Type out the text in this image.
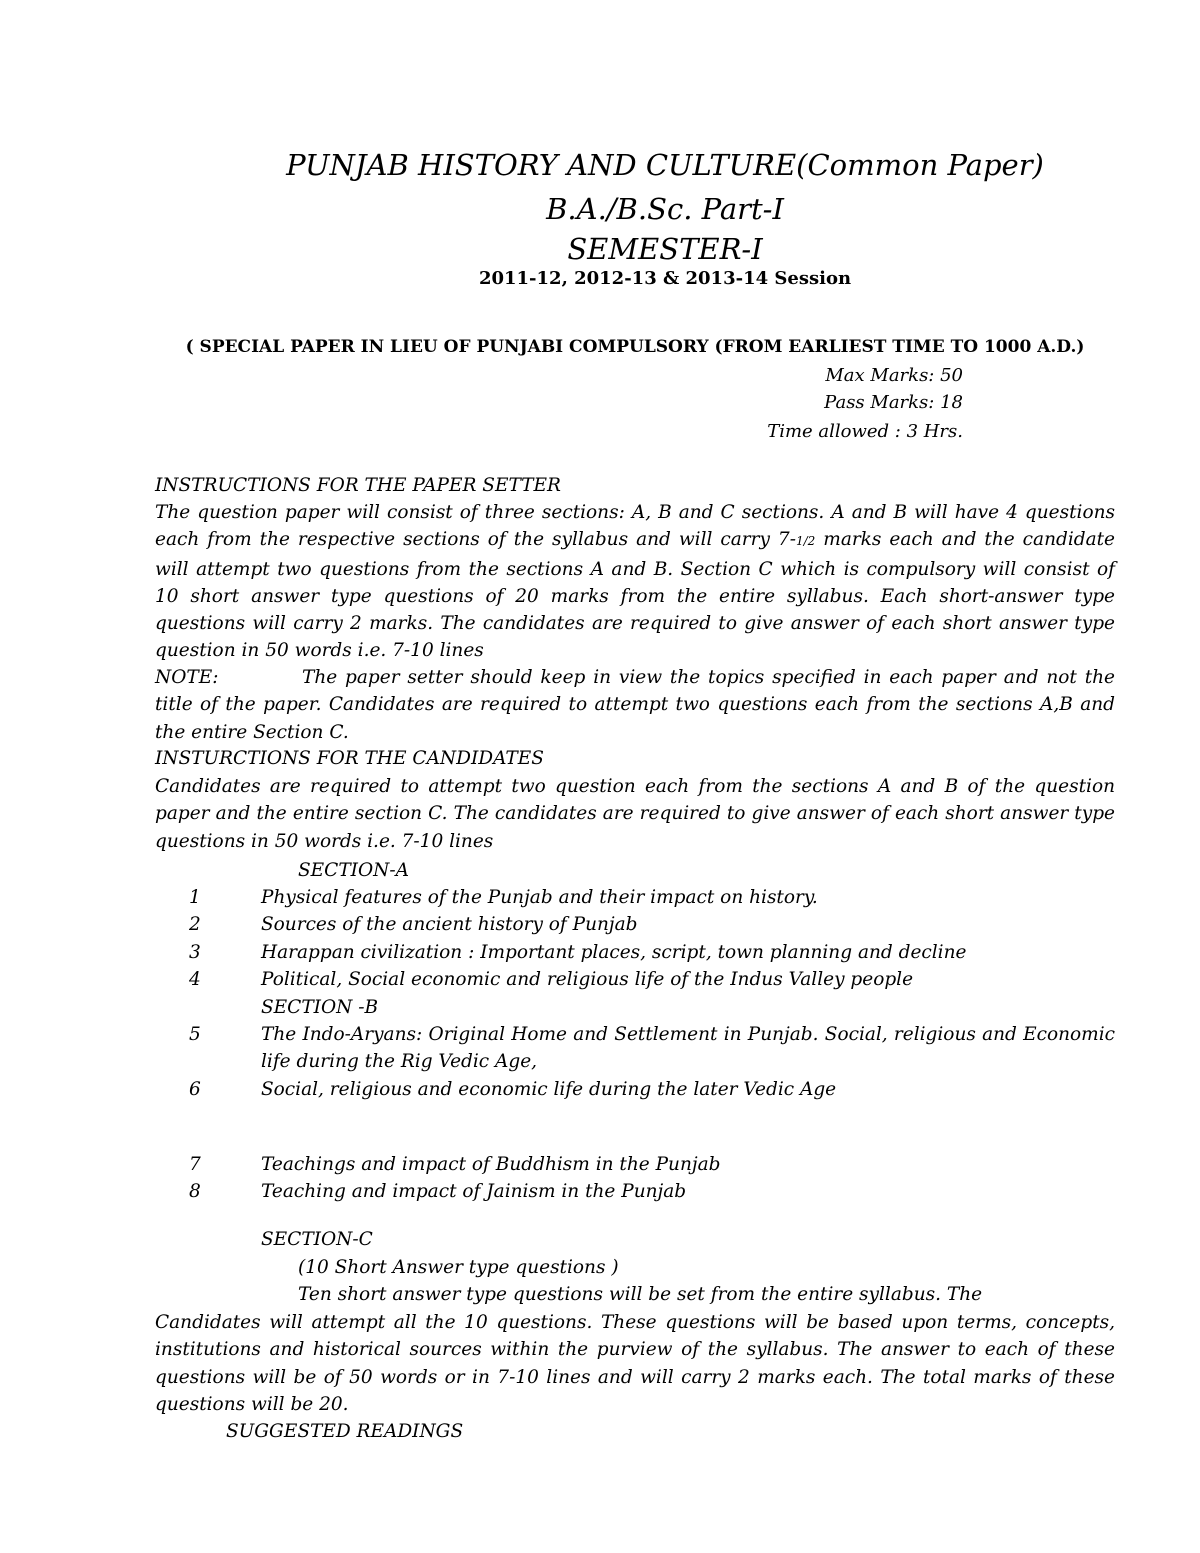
PUNJAB HISTORY AND CULTURE(Common Paper)
B.A./B.Sc. Part-I
SEMESTER-I
2011-12, 2012-13 & 2013-14 Session
( SPECIAL PAPER IN LIEU OF PUNJABI COMPULSORY (FROM EARLIEST TIME TO 1000 A.D.)
Max Marks: 50
Pass Marks: 18
Time allowed : 3 Hrs.
INSTRUCTIONS FOR THE PAPER SETTER
The question paper will consist of three sections: A, B and C sections. A and B will have 4 questions each from the respective sections of the syllabus and will carry 7-1/2 marks each and the candidate will attempt two questions from the sections A and B. Section C which is compulsory will consist of 10 short answer type questions of 20 marks from the entire syllabus. Each short-answer type questions will carry 2 marks. The candidates are required to give answer of each short answer type question in 50 words i.e. 7-10 lines
NOTE:	The paper setter should keep in view the topics specified in each paper and not the title of the paper. Candidates are required to attempt two questions each from the sections A,B and the entire Section C.
INSTURCTIONS FOR THE CANDIDATES
Candidates are required to attempt two question each from the sections A and B of the question paper and the entire section C. The candidates are required to give answer of each short answer type questions in 50 words i.e. 7-10 lines
SECTION-A
1	Physical features of the Punjab and their impact on history.
2	Sources of the ancient history of Punjab
3	Harappan civilization : Important places, script, town planning and decline
4	Political, Social economic and religious life of the Indus Valley people
SECTION -B
5	The Indo-Aryans: Original Home and Settlement in Punjab. Social, religious and Economic life during the Rig Vedic Age,
6	Social, religious and economic life during the later Vedic Age
7	Teachings and impact of Buddhism in the Punjab
8	Teaching and impact of Jainism in the Punjab
SECTION-C
(10 Short Answer type questions )
Ten short answer type questions will be set from the entire syllabus. The
Candidates will attempt all the 10 questions. These questions will be based upon terms, concepts, institutions and historical sources within the purview of the syllabus. The answer to each of these questions will be of 50 words or in 7-10 lines and will carry 2 marks each. The total marks of these questions will be 20.
SUGGESTED READINGS
